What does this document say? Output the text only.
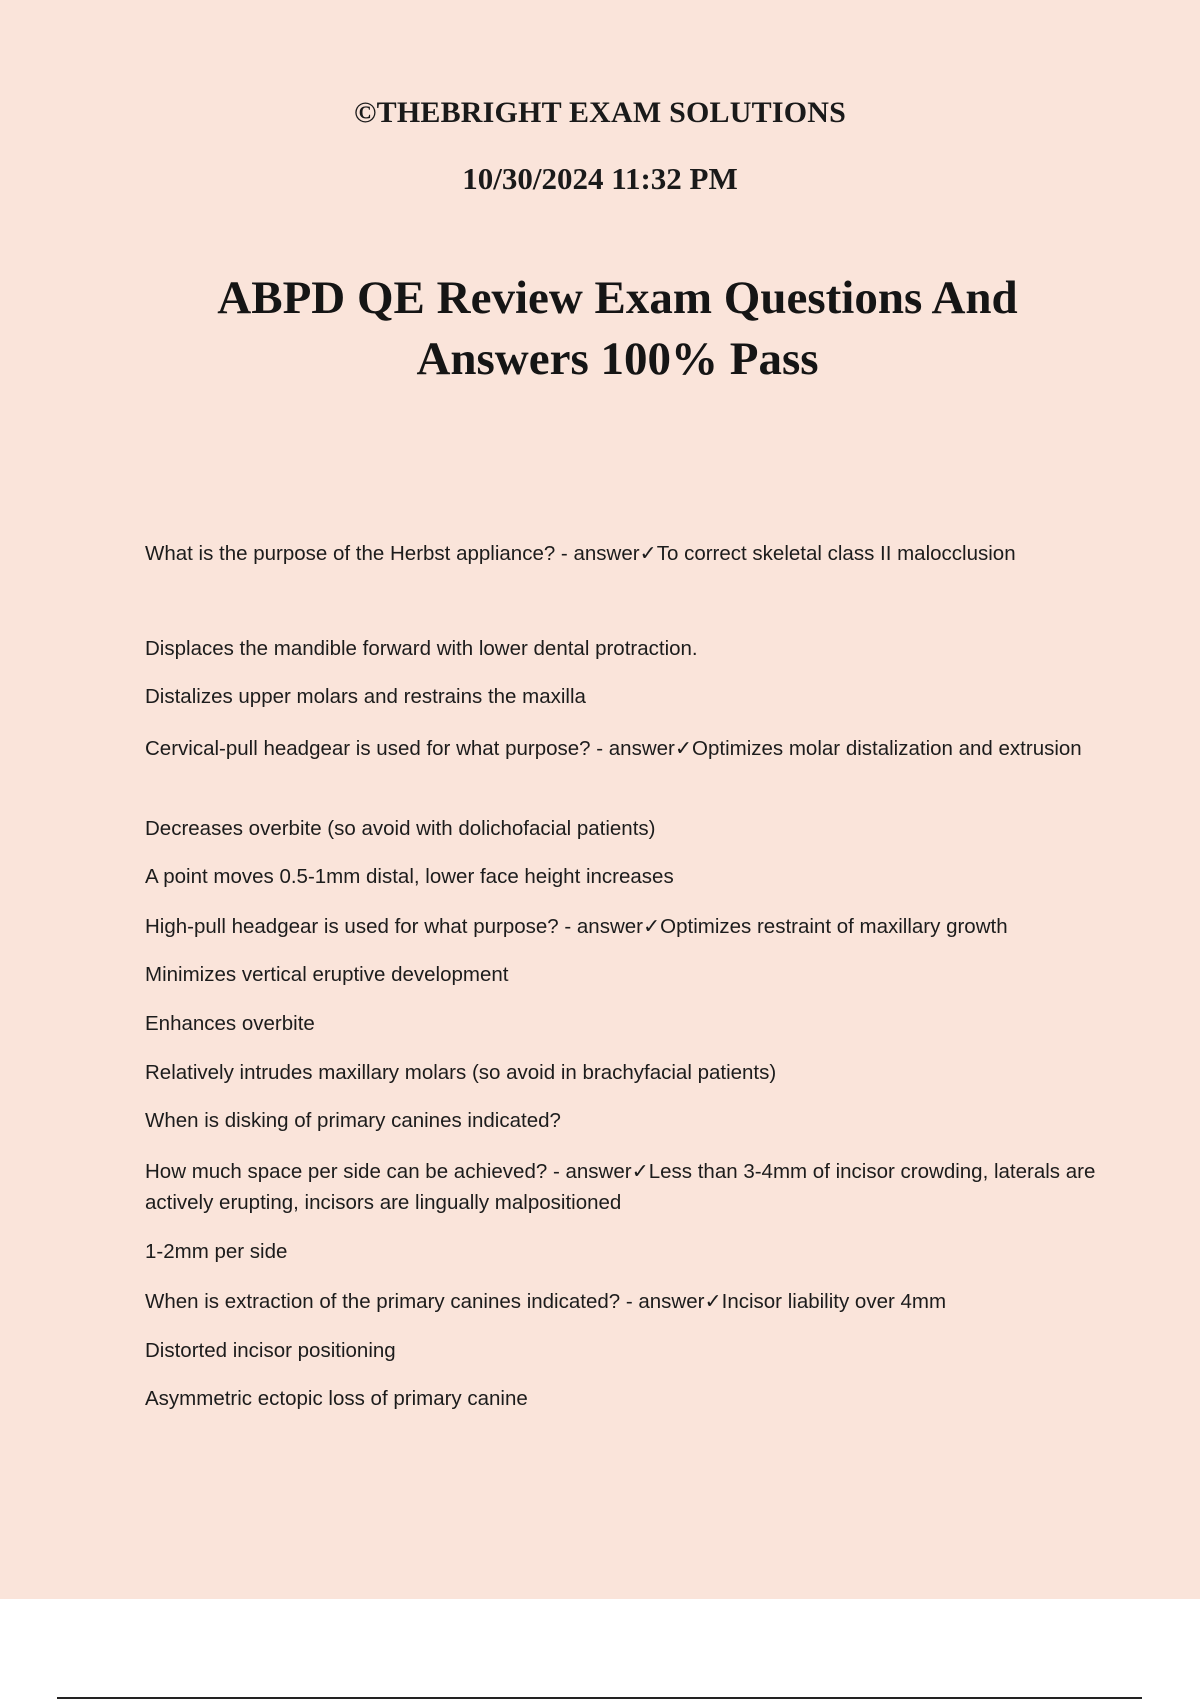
©THEBRIGHT EXAM SOLUTIONS

10/30/2024 11:32 PM

ABPD QE Review Exam Questions And
Answers 100% Pass
What is the purpose of the Herbst appliance? - answer✓To correct skeletal class II malocclusion
Displaces the mandible forward with lower dental protraction.
Distalizes upper molars and restrains the maxilla
Cervical-pull headgear is used for what purpose? - answer✓Optimizes molar distalization and extrusion
Decreases overbite (so avoid with dolichofacial patients)
A point moves 0.5-1mm distal, lower face height increases
High-pull headgear is used for what purpose? - answer✓Optimizes restraint of maxillary growth
Minimizes vertical eruptive development
Enhances overbite
Relatively intrudes maxillary molars (so avoid in brachyfacial patients)
When is disking of primary canines indicated?
How much space per side can be achieved? - answer✓Less than 3-4mm of incisor crowding, laterals are actively erupting, incisors are lingually malpositioned
1-2mm per side
When is extraction of the primary canines indicated? - answer✓Incisor liability over 4mm
Distorted incisor positioning
Asymmetric ectopic loss of primary canine
